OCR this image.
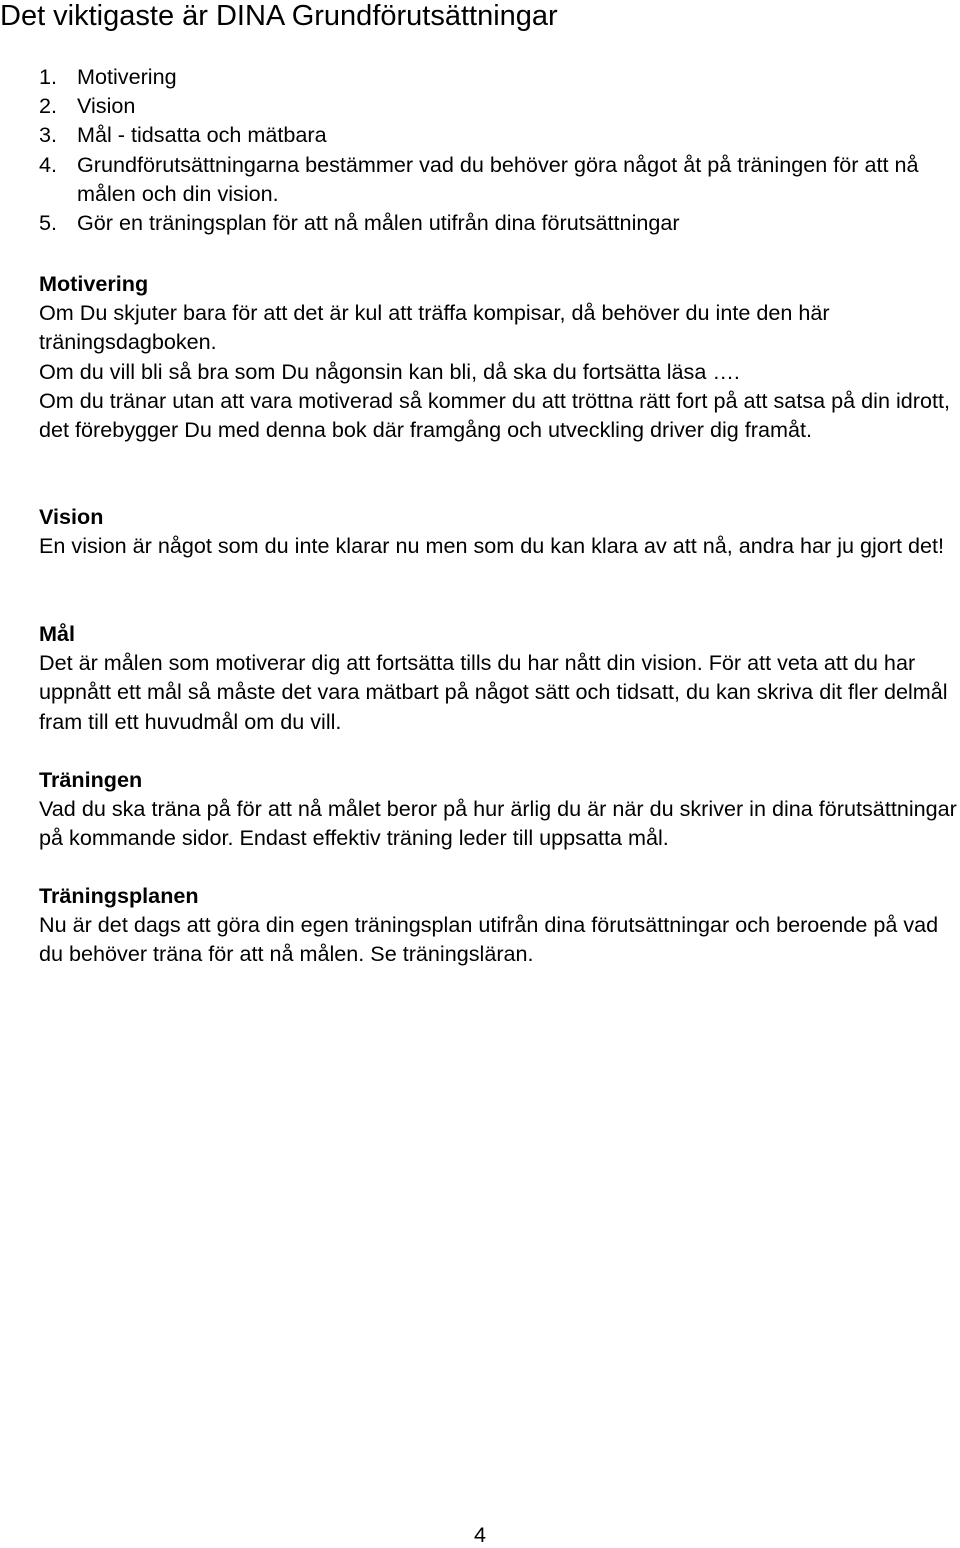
Det viktigaste är DINA Grundförutsättningar
1. Motivering
2. Vision
3. Mål - tidsatta och mätbara
4. Grundförutsättningarna bestämmer vad du behöver göra något åt på träningen för att nå målen och din vision.
5. Gör en träningsplan för att nå målen utifrån dina förutsättningar
Motivering

Om Du skjuter bara för att det är kul att träffa kompisar, då behöver du inte den här träningsdagboken.

Om du vill bli så bra som Du någonsin kan bli, då ska du fortsätta läsa ….

Om du tränar utan att vara motiverad så kommer du att tröttna rätt fort på att satsa på din idrott, det förebygger Du med denna bok där framgång och utveckling driver dig framåt.

Vision

En vision är något som du inte klarar nu men som du kan klara av att nå, andra har ju gjort det!

Mål

Det är målen som motiverar dig att fortsätta tills du har nått din vision. För att veta att du har uppnått ett mål så måste det vara mätbart på något sätt och tidsatt, du kan skriva dit fler delmål fram till ett huvudmål om du vill.

Träningen

Vad du ska träna på för att nå målet beror på hur ärlig du är när du skriver in dina förutsättningar på kommande sidor. Endast effektiv träning leder till uppsatta mål.

Träningsplanen

Nu är det dags att göra din egen träningsplan utifrån dina förutsättningar och beroende på vad du behöver träna för att nå målen. Se träningsläran.

4
